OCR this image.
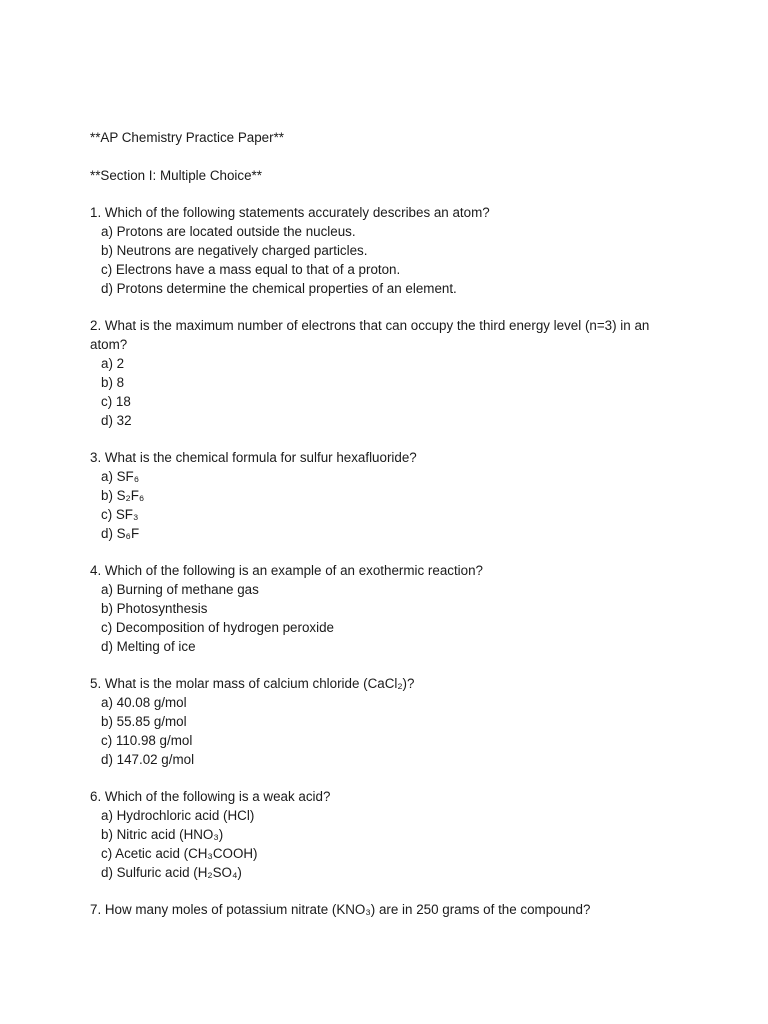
**AP Chemistry Practice Paper**
**Section I: Multiple Choice**
1. Which of the following statements accurately describes an atom?
a) Protons are located outside the nucleus.
b) Neutrons are negatively charged particles.
c) Electrons have a mass equal to that of a proton.
d) Protons determine the chemical properties of an element.
2. What is the maximum number of electrons that can occupy the third energy level (n=3) in an
atom?
a) 2
b) 8
c) 18
d) 32
3. What is the chemical formula for sulfur hexafluoride?
a) SF₆
b) S₂F₆
c) SF₃
d) S₆F
4. Which of the following is an example of an exothermic reaction?
a) Burning of methane gas
b) Photosynthesis
c) Decomposition of hydrogen peroxide
d) Melting of ice
5. What is the molar mass of calcium chloride (CaCl₂)?
a) 40.08 g/mol
b) 55.85 g/mol
c) 110.98 g/mol
d) 147.02 g/mol
6. Which of the following is a weak acid?
a) Hydrochloric acid (HCl)
b) Nitric acid (HNO₃)
c) Acetic acid (CH₃COOH)
d) Sulfuric acid (H₂SO₄)
7. How many moles of potassium nitrate (KNO₃) are in 250 grams of the compound?
